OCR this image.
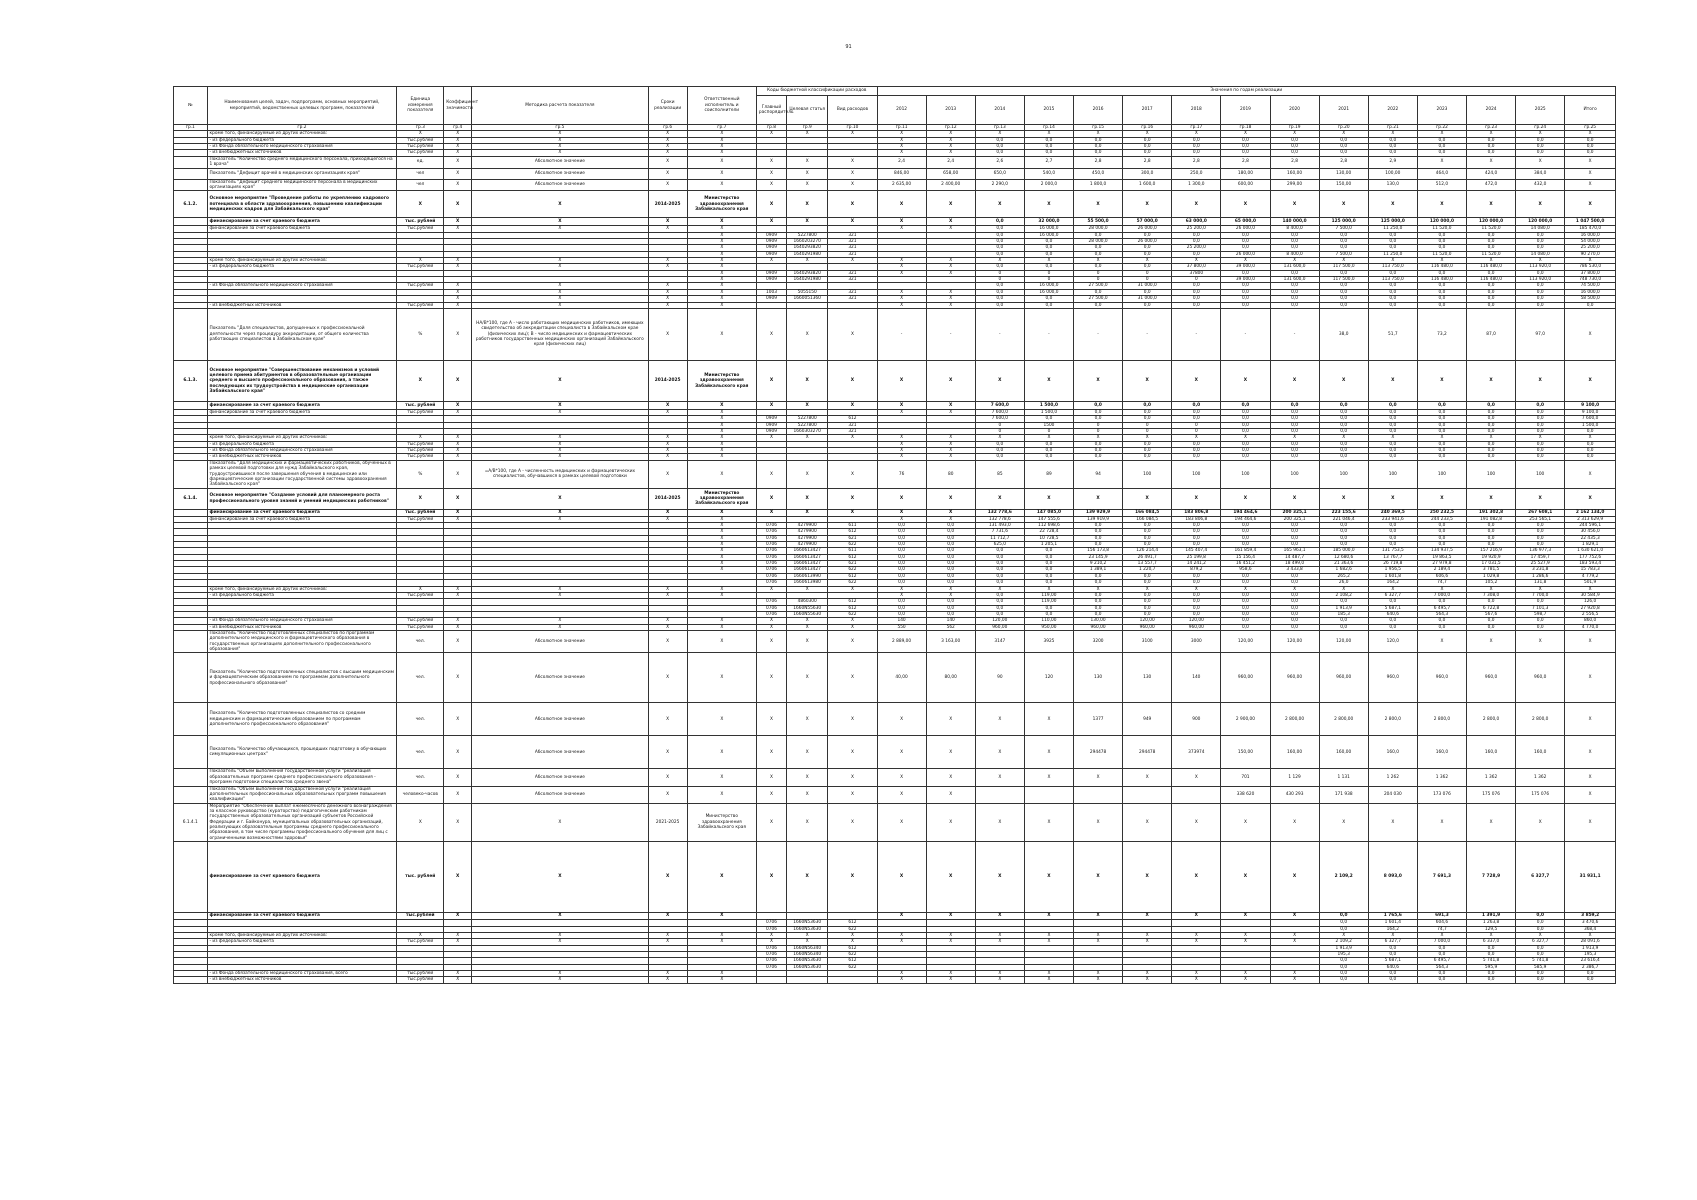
91
№	Наименования целей, задач, подпрограмм, основных мероприятий, мероприятий, ведомственных целевых программ, показателей	Единица измерения показателя	Коэффициент значимости	Методика расчета показателя	Сроки реализации	Ответственный исполнитель и соисполнители	Коды бюджетной классификации расходов			Значения по годам реализации														
							Главный распорядитель	Целевая статья	Вид расходов	2012	2013	2014	2015	2016	2017	2018	2019	2020	2021	2022	2023	2024	2025	Итого
гр.1	гр.2	гр.3	гр.4	гр.5	гр.6	гр.7	гр.8	гр.9	гр.10	гр.11	гр.12	гр.13	гр.14	гр.15	гр.16	гр.17	гр.18	гр.19	гр.20	гр.21	гр.22	гр.23	гр.24	гр.25
	кроме того, финансируемые из других источников:	Х	Х	Х	Х	Х	Х	Х	Х	Х	Х	Х	Х	Х	Х	Х	Х	Х	Х	Х	Х	Х	Х	Х
	- из федерального бюджета	тыс.рублей	Х	Х	Х	Х				Х	Х	0,0	0,0	0,0	0,0	0,0	0,0	0,0	0,0	0,0	0,0	0,0	0,0	0,0
	- из Фонда обязательного медицинского страхования	тыс.рублей	Х	Х	Х	Х				Х	Х	0,0	0,0	0,0	0,0	0,0	0,0	0,0	0,0	0,0	0,0	0,0	0,0	0,0
	- из внебюджетных источников	тыс.рублей	Х	Х	Х	Х				Х	Х	0,0	0,0	0,0	0,0	0,0	0,0	0,0	0,0	0,0	0,0	0,0	0,0	0,0
	Показатель "Количество среднего медицинского персонала, приходящегося на 1 врача"	ед.	Х	Абсолютное значение	Х	Х	Х	Х	Х	2,4	2,4	2,6	2,7	2,8	2,8	2,8	2,8	2,8	2,8	2,9	Х	Х	Х	Х
	Показатель "Дефицит врачей в медицинских организациях края"	чел	Х	Абсолютное значение	Х	Х	Х	Х	Х	846,00	658,00	650,0	540,0	450,0	300,0	250,0	180,00	160,00	130,00	100,00	464,0	424,0	384,0	Х
	Показатель "Дефицит среднего медицинского персонала в медицинских организациях края"	чел	Х	Абсолютное значение	Х	Х	Х	Х	Х	2 635,00	2 400,00	2 290,0	2 000,0	1 800,0	1 600,0	1 300,0	600,00	299,00	150,00	130,0	512,0	472,0	432,0	Х
6.1.2.	Основное мероприятие "Проведение работы по укреплению кадрового потенциала в области здравоохранения, повышению квалификации медицинских кадров для Забайкальского края"	Х	Х	Х	2014-2025	Министерство здравоохранения Забайкальского края	Х	Х	Х	Х	Х	Х	Х	Х	Х	Х	Х	Х	Х	Х	Х	Х	Х	Х
	финансирование за счет краевого бюджета	тыс. рублей	Х	Х	Х	Х	Х	Х	Х	Х	Х	0,0	32 000,0	55 500,0	57 000,0	63 000,0	65 000,0	140 000,0	125 000,0	125 000,0	120 000,0	120 000,0	120 000,0	1 047 500,0
	финансирование за счет краевого бюджета	тыс.рублей	Х	Х	Х	Х				Х	Х	0,0	16 000,0	28 000,0	26 000,0	25 200,0	26 000,0	8 400,0	7 500,0	11 250,0	11 520,0	11 520,0	14 080,0	185 470,0
						Х	0909	5227800	321			0,0	16 000,0	0,0	0,0	0,0	0,0	0,0	0,0	0,0	0,0	0,0	0,0	16 000,0
						Х	0909	1660203270	321			0,0	0,0	28 000,0	26 000,0	0,0	0,0	0,0	0,0	0,0	0,0	0,0	0,0	54 000,0
						Х	0909	1640293820	321			0,0	0,0	0,0	0,0	25 200,0	0,0	0,0	0,0	0,0	0,0	0,0	0,0	25 200,0
						Х	0909	1640291980	321			0,0	0,0	0,0	0,0	0,0	26 000,0	8 400,0	7 500,0	11 250,0	11 520,0	11 520,0	14 080,0	90 270,0
	кроме того, финансируемые из других источников:	Х	Х	Х	Х	Х	Х	Х	Х	Х	Х	Х	Х	Х	Х	Х	Х	Х	Х	Х	Х	Х	Х	Х
	- из федерального бюджета	тыс.рублей	Х	Х	Х	Х				Х	Х	0,0	0,0	0,0	0,0	37 800,0	39 000,0	131 600,0	117 500,0	113 750,0	116 480,0	116 480,0	113 920,0	786 530,0
						Х	0909	1640293820	321	Х	Х	0	0	0	0	37800	0,0	0,0	0,0	0,0	0,0	0,0	0,0	37 800,0
						Х	0909	1640291980	321			0	0	0	0	0	39 000,0	131 600,0	117 500,0	113 750,0	116 480,0	116 480,0	113 920,0	748 730,0
	- из Фонда обязательного медицинского страхования	тыс.рублей	Х	Х	Х	Х						0,0	16 000,0	27 500,0	31 000,0	0,0	0,0	0,0	0,0	0,0	0,0	0,0	0,0	74 500,0
			Х	Х	Х	Х	1003	5055150	321	Х	Х	0,0	16 000,0	0,0	0,0	0,0	0,0	0,0	0,0	0,0	0,0	0,0	0,0	16 000,0
			Х	Х	Х	Х	0909	1660051360	321	Х	Х	0,0	0,0	27 500,0	31 000,0	0,0	0,0	0,0	0,0	0,0	0,0	0,0	0,0	58 500,0
	- из внебюджетных источников	тыс.рублей	Х	Х	Х	Х				Х	Х	0,0	0,0	0,0	0,0	0,0	0,0	0,0	0,0	0,0	0,0	0,0	0,0	0,0
	Показатель "Доля специалистов, допущенных к профессиональной деятельности через процедуру аккредитации, от общего количества работающих специалистов в Забайкальском крае"	%	Х	НА/В*100, где А - число работающих медицинских работников, имеющих свидетельство об аккредитации специалиста в Забайкальском крае (физических лиц); В - число медицинских и фармацевтических работников государственных медицинских организаций Забайкальского края (физических лиц)	Х	Х	Х	Х	Х	-	-	-	-	-	-	-	-	-	38,0	51,7	73,2	87,0	97,0	Х
6.1.3.	Основное мероприятие "Совершенствование механизмов и условий целевого приема абитуриентов в образовательные организации среднего и высшего профессионального образования, а также последующих их трудоустройства в медицинские организации Забайкальского края"	Х	Х	Х	2014-2025	Министерство здравоохранения Забайкальского края	Х	Х	Х	Х	Х	Х	Х	Х	Х	Х	Х	Х	Х	Х	Х	Х	Х	Х
	финансирование за счет краевого бюджета	тыс. рублей	Х	Х	Х	Х	Х	Х	Х	Х	Х	7 600,0	1 500,0	0,0	0,0	0,0	0,0	0,0	0,0	0,0	0,0	0,0	0,0	9 100,0
	финансирование за счет краевого бюджета	тыс.рублей	Х	Х	Х	Х				Х	Х	7 600,0	1 500,0	0,0	0,0	0,0	0,0	0,0	0,0	0,0	0,0	0,0	0,0	9 100,0
						Х	0909	5227800	612			7 600,0	0,0	0,0	0,0	0,0	0,0	0,0	0,0	0,0	0,0	0,0	0,0	7 600,0
						Х	0909	5227800	321			0	1500	0	0	0	0,0	0,0	0,0	0,0	0,0	0,0	0,0	1 500,0
						Х	0909	1660303270	321			0	0	0	0	0	0,0	0,0	0,0	0,0	0,0	0,0	0,0	0,0
	кроме того, финансируемые из других источников:	Х	Х	Х	Х	Х	Х	Х	Х	Х	Х	Х	Х	Х	Х	Х	Х	Х	Х	Х	Х	Х	Х	Х
	- из федерального бюджета	тыс.рублей	Х	Х	Х	Х				Х	Х	0,0	0,0	0,0	0,0	0,0	0,0	0,0	0,0	0,0	0,0	0,0	0,0	0,0
	- из Фонда обязательного медицинского страхования	тыс.рублей	Х	Х	Х	Х				Х	Х	0,0	0,0	0,0	0,0	0,0	0,0	0,0	0,0	0,0	0,0	0,0	0,0	0,0
	- из внебюджетных источников	тыс.рублей	Х	Х	Х	Х				Х	Х	0,0	0,0	0,0	0,0	0,0	0,0	0,0	0,0	0,0	0,0	0,0	0,0	0,0
	Показатель "Доля медицинских и фармацевтических работников, обученных в рамках целевой подготовки для нужд Забайкальского края, трудоустроившихся после завершения обучения в медицинские или фармацевтические организации государственной системы здравоохранения Забайкальского края"	%	Х	=А/В*100, где А - численность медицинских и фармацевтических специалистов, обучавшихся в рамках целевой подготовки	Х	Х	Х	Х	Х	76	80	85	89	94	100	100	100	100	100	100	100	100	100	Х
6.1.4.	Основное мероприятие "Создание условий для планомерного роста профессионального уровня знаний и умений медицинских работников"	Х	Х	Х	2014-2025	Министерство здравоохранения Забайкальского края	Х	Х	Х	Х	Х	Х	Х	Х	Х	Х	Х	Х	Х	Х	Х	Х	Х	Х
	финансирование за счет краевого бюджета	тыс. рублей	Х	Х	Х	Х	Х	Х	Х	Х	Х	132 778,6	147 085,0	139 929,9	166 084,5	183 806,8	194 464,6	200 325,1	223 155,6	240 369,5	250 232,5	191 302,8	267 608,1	2 162 134,0
	финансирование за счет краевого бюджета	тыс.рублей	Х	Х	Х	Х				Х	Х	132 778,6	147 555,6	139 919,9	166 084,5	183 806,8	194 464,6	200 325,1	221 046,4	233 941,6	244 233,5	191 082,8	253 565,1	2 313 629,9
						Х	0706	4279900	611	0,0	0,0	131 493,0	112 698,6	0,0	0,0	0,0	0,0	0,0	0,0	0,0	0,0	0,0	0,0	244 596,1
						Х	0706	4279900	612	0,0	0,0	7 731,6	22 728,4	0,0	0,0	0,0	0,0	0,0	0,0	0,0	0,0	0,0	0,0	30 456,0
						Х	0706	4279900	621	0,0	0,0	11 712,7	10 728,5	0,0	0,0	0,0	0,0	0,0	0,0	0,0	0,0	0,0	0,0	22 435,3
						Х	0706	4279900	622	0,0	0,0	625,0	1 205,1	0,0	0,0	0,0	0,0	0,0	0,0	0,0	0,0	0,0	0,0	1 829,1
						Х	0706	1660613427	611	0,0	0,0	0,0	0,0	156 173,8	126 214,4	145 407,4	161 859,4	165 963,1	185 000,0	131 753,5	134 937,5	157 216,9	136 977,3	1 630 621,0
						Х	0706	1660613427	612	0,0	0,0	0,0	0,0	23 145,9	26 491,7	25 199,8	15 156,4	14 487,7	12 680,6	13 767,7	19 863,5	19 920,9	17 459,7	177 752,6
						Х	0706	1660613427	621	0,0	0,0	0,0	0,0	9 210,2	13 557,7	14 241,2	16 451,2	18 499,0	21 363,6	26 719,8	27 979,8	17 031,5	25 527,9	183 593,4
						Х	0706	1660613427	622	0,0	0,0	0,0	0,0	1 389,1	1 220,7	879,2	958,6	3 433,8	1 682,6	1 956,5	2 189,4	3 781,5	3 231,8	15 783,3
							0706	1660613990	612	0,0	0,0	0,0	0,0	0,0	0,0	0,0	0,0	0,0	265,2	1 601,8	606,6	1 029,8	1 286,6	4 779,2
							0706	1660613980	622	0,0	0,0	0,0	0,0	0,0	0,0	0,0	0,0	0,0	26,0	164,2	74,7	105,2	131,8	501,9
	кроме того, финансируемые из других источников:	Х	Х	Х	Х	Х	Х	Х	Х	Х	Х	Х	Х	Х	Х	Х	Х	Х	Х	Х	Х	Х	Х	Х
	- из федерального бюджета	тыс.рублей	Х	Х	Х	Х				Х	Х	0,0	119,00	0,0	0,0	0,0	0,0	0,0	2 108,2	6 327,7	7 000,0	7 308,0	7 700,0	30 584,9
							0706	4860300	612	0,0	0,0	0,0	119,00	0,0	0,0	0,0	0,0	0,0	0,0	0,0	0,0	0,0	0,0	126,0
							0706	1660N55630	612	0,0	0,0	0,0	0,0	0,0	0,0	0,0	0,0	0,0	1 913,9	5 687,1	6 495,7	6 722,8	7 101,3	27 920,8
							0706	1660N55630	622	0,0	0,0	0,0	0,0	0,0	0,0	0,0	0,0	0,0	185,3	640,6	564,3	567,6	598,7	2 556,5
	- из Фонда обязательного медицинского страхования	тыс.рублей	Х	Х	Х	Х	Х	Х	Х	140	140	120,00	110,00	130,00	120,00	120,00	0,0	0,0	0,0	0,0	0,0	0,0	0,0	860,0
	- из внебюджетных источников	тыс.рублей	Х	Х	Х	Х	Х	Х	Х	550	562	960,00	950,00	960,00	960,00	960,00	0,0	0,0	0,0	0,0	0,0	0,0	0,0	4 770,0
	Показатель "Количество подготовленных специалистов по программам дополнительного медицинского и фармацевтического образования в государственных организациях дополнительного профессионального образования"	чел.	Х	Абсолютное значение	Х	Х	Х	Х	Х	2 889,00	3 163,00	3147	3925	3200	3100	3000	120,00	120,00	120,00	120,0	Х	Х	Х	Х
	Показатель "Количество подготовленных специалистов с высшим медицинским и фармацевтическим образованием по программам дополнительного профессионального образования"	чел.	Х	Абсолютное значение	Х	Х	Х	Х	Х	40,00	80,00	90	120	130	130	140	960,00	960,00	960,00	960,0	960,0	960,0	960,0	Х
	Показатель "Количество подготовленных специалистов со средним медицинским и фармацевтическим образованием по программам дополнительного профессионального образования"	чел.	Х	Абсолютное значение	Х	Х	Х	Х	Х	Х	Х	Х	Х	1377	949	900	2 900,00	2 800,00	2 800,00	2 800,0	2 800,0	2 800,0	2 800,0	Х
	Показатель "Количество обучающихся, прошедших подготовку в обучающих симуляционных центрах"	чел.	Х	Абсолютное значение	Х	Х	Х	Х	Х	Х	Х	Х	Х	294478	294478	373974	150,00	160,00	160,00	160,0	160,0	160,0	160,0	Х
	Показатель "Объем выполнения государственной услуги "реализация образовательных программ среднего профессионального образования - программ подготовки специалистов среднего звена"	чел.	Х	Абсолютное значение	Х	Х	Х	Х	Х	Х	Х	Х	Х	Х	Х	Х	701	1 129	1 131	1 262	1 362	1 362	1 362	Х
	Показатель "Объем выполнения государственной услуги "реализация дополнительных профессиональных образовательных программ повышения квалификации"	человеко-часов	Х	Абсолютное значение	Х	Х	Х	Х	Х	Х	Х						338 620	430 293	171 938	204 030	173 076	175 076	175 076	Х
6.1.4.1	Мероприятие "Обеспечение выплат ежемесячного денежного вознаграждения за классное руководство (кураторство) педагогическим работникам государственных образовательных организаций субъектов Российской Федерации и г. Байконура, муниципальных образовательных организаций, реализующих образовательные программы среднего профессионального образования, в том числе программы профессионального обучения для лиц с ограниченными возможностями здоровья"	Х	Х	Х	2021-2025	Министерство здравоохранения Забайкальского края	Х	Х	Х	Х	Х	Х	Х	Х	Х	Х	Х	Х	Х	Х	Х	Х	Х	Х
	финансирование за счет краевого бюджета	тыс. рублей	Х	Х	Х	Х	Х	Х	Х	Х	Х	Х	Х	Х	Х	Х	Х	Х	2 109,2	8 093,0	7 691,3	7 728,9	6 327,7	31 931,1
	финансирование за счет краевого бюджета	тыс.рублей	Х	Х	Х	Х				Х	Х	Х	Х	Х	Х	Х	Х	Х	0,0	1 765,6	691,3	1 391,9	0,0	3 859,2
							0706	1660N53630	612										0,0	1 601,4	604,6	1 263,8	0,0	3 470,6
							0706	1660N53630	622										0,0	164,2	74,7	129,5	0,0	368,4
	кроме того, финансируемые из других источников:	Х	Х	Х	Х	Х	Х	Х	Х	Х	Х	Х	Х	Х	Х	Х	Х	Х	Х	Х	Х	Х	Х	Х
	- из федерального бюджета	тыс.рублей	Х	Х	Х	Х	Х	Х	Х	Х	Х	Х	Х	Х	Х	Х	Х	Х	2 109,2	6 327,7	7 000,0	6 337,0	6 327,7	28 091,6
							0706	1660N56340	612										1 913,9	0,0	0,0	0,0	0,0	1 913,9
							0706	1660N56340	622										195,3	0,0	0,0	0,0	0,0	195,3
							0706	1660N53630	612										0,0	5 687,1	6 495,7	5 741,8	5 741,8	23 616,4
							0706	1660N53630	622										0,0	640,6	564,3	595,9	585,9	2 386,7
	- из Фонда обязательного медицинского страхования, всего	тыс.рублей	Х	Х	Х	Х				Х	Х	Х	Х	Х	Х	Х	Х	Х	0,0	0,0	0,0	0,0	0,0	0,0
	- из внебюджетных источников	тыс.рублей	Х	Х	Х	Х				Х	Х	Х	Х	Х	Х	Х	Х	Х	0,0	0,0	0,0	0,0	0,0	0,0
